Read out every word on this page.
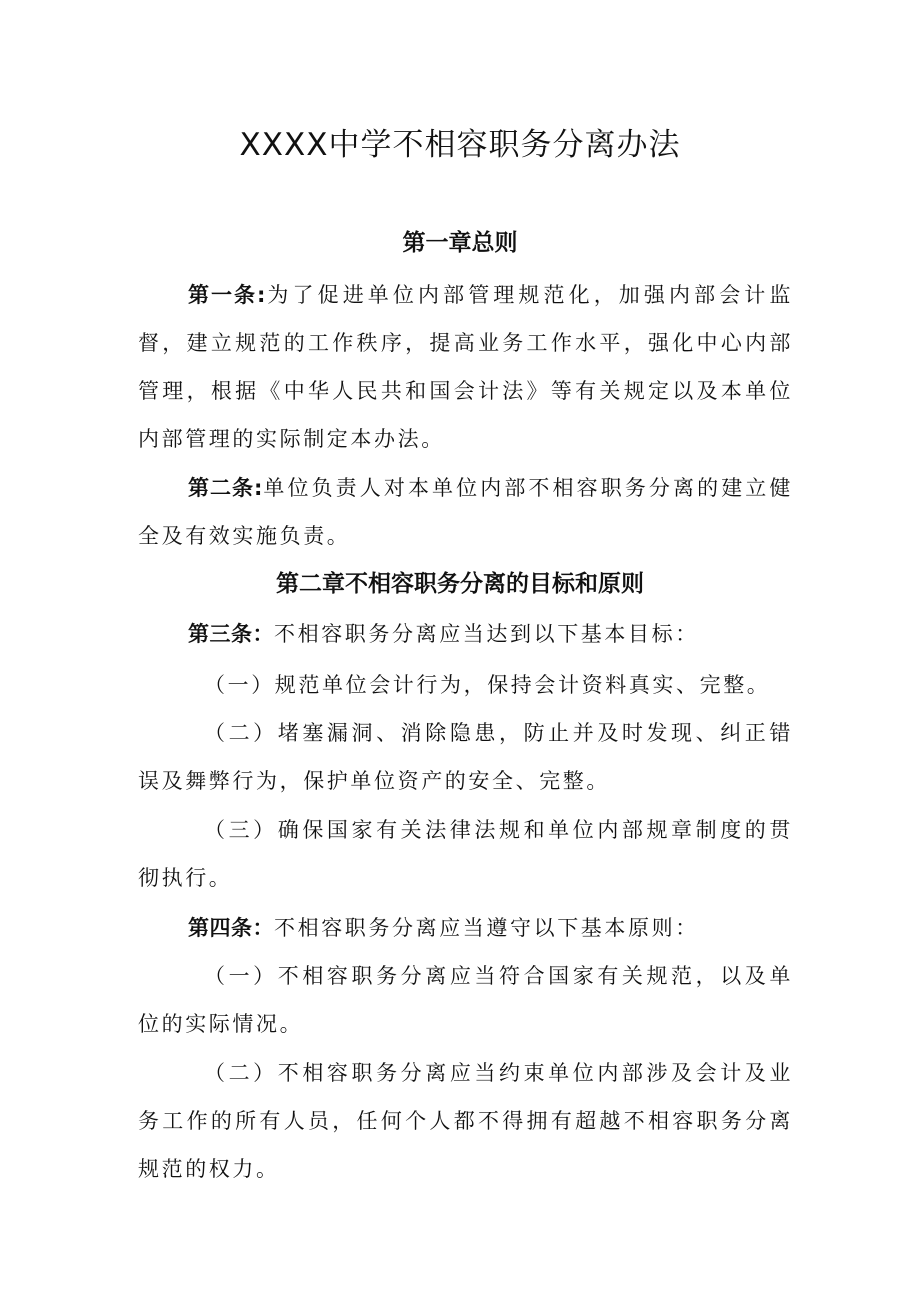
XXXX中学不相容职务分离办法
第一章总则

第一条:为了促进单位内部管理规范化，加强内部会计监督，建立规范的工作秩序，提高业务工作水平，强化中心内部管理，根据《中华人民共和国会计法》等有关规定以及本单位内部管理的实际制定本办法。

第二条:单位负责人对本单位内部不相容职务分离的建立健全及有效实施负责。

第二章不相容职务分离的目标和原则

第三条：不相容职务分离应当达到以下基本目标：

（一）规范单位会计行为，保持会计资料真实、完整。

（二）堵塞漏洞、消除隐患，防止并及时发现、纠正错误及舞弊行为，保护单位资产的安全、完整。

（三）确保国家有关法律法规和单位内部规章制度的贯彻执行。

第四条：不相容职务分离应当遵守以下基本原则：

（一）不相容职务分离应当符合国家有关规范，以及单位的实际情况。

（二）不相容职务分离应当约束单位内部涉及会计及业务工作的所有人员，任何个人都不得拥有超越不相容职务分离规范的权力。
